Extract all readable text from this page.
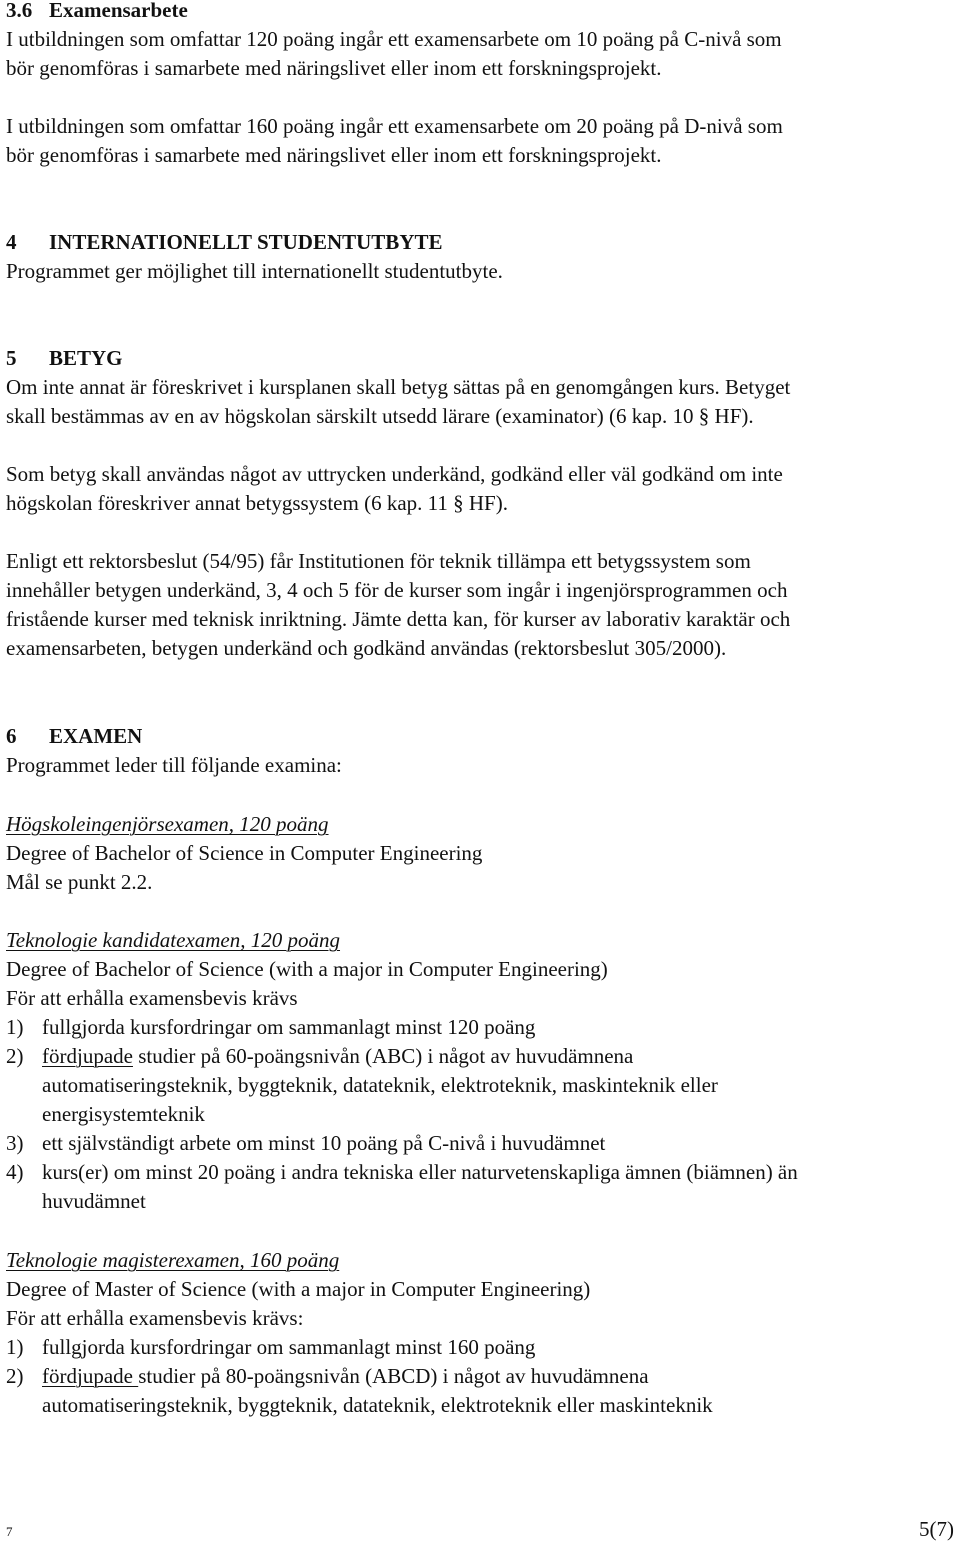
3.6 Examensarbete
I utbildningen som omfattar 120 poäng ingår ett examensarbete om 10 poäng på C-nivå som
bör genomföras i samarbete med näringslivet eller inom ett forskningsprojekt.
I utbildningen som omfattar 160 poäng ingår ett examensarbete om 20 poäng på D-nivå som
bör genomföras i samarbete med näringslivet eller inom ett forskningsprojekt.
4 INTERNATIONELLT STUDENTUTBYTE
Programmet ger möjlighet till internationellt studentutbyte.
5 BETYG
Om inte annat är föreskrivet i kursplanen skall betyg sättas på en genomgången kurs. Betyget
skall bestämmas av en av högskolan särskilt utsedd lärare (examinator) (6 kap. 10 § HF).
Som betyg skall användas något av uttrycken underkänd, godkänd eller väl godkänd om inte
högskolan föreskriver annat betygssystem (6 kap. 11 § HF).
Enligt ett rektorsbeslut (54/95) får Institutionen för teknik tillämpa ett betygssystem som
innehåller betygen underkänd, 3, 4 och 5 för de kurser som ingår i ingenjörsprogrammen och
fristående kurser med teknisk inriktning. Jämte detta kan, för kurser av laborativ karaktär och
examensarbeten, betygen underkänd och godkänd användas (rektorsbeslut 305/2000).
6 EXAMEN
Programmet leder till följande examina:
Högskoleingenjörsexamen, 120 poäng
Degree of Bachelor of Science in Computer Engineering
Mål se punkt 2.2.
Teknologie kandidatexamen, 120 poäng
Degree of Bachelor of Science (with a major in Computer Engineering)
För att erhålla examensbevis krävs
1) fullgjorda kursfordringar om sammanlagt minst 120 poäng
2) fördjupade studier på 60-poängsnivån (ABC) i något av huvudämnena
automatiseringsteknik, byggteknik, datateknik, elektroteknik, maskinteknik eller
energisystemteknik
3) ett självständigt arbete om minst 10 poäng på C-nivå i huvudämnet
4) kurs(er) om minst 20 poäng i andra tekniska eller naturvetenskapliga ämnen (biämnen) än
huvudämnet
Teknologie magisterexamen, 160 poäng
Degree of Master of Science (with a major in Computer Engineering)
För att erhålla examensbevis krävs:
1) fullgjorda kursfordringar om sammanlagt minst 160 poäng
2) fördjupade studier på 80-poängsnivån (ABCD) i något av huvudämnena
automatiseringsteknik, byggteknik, datateknik, elektroteknik eller maskinteknik
7	5(7)
